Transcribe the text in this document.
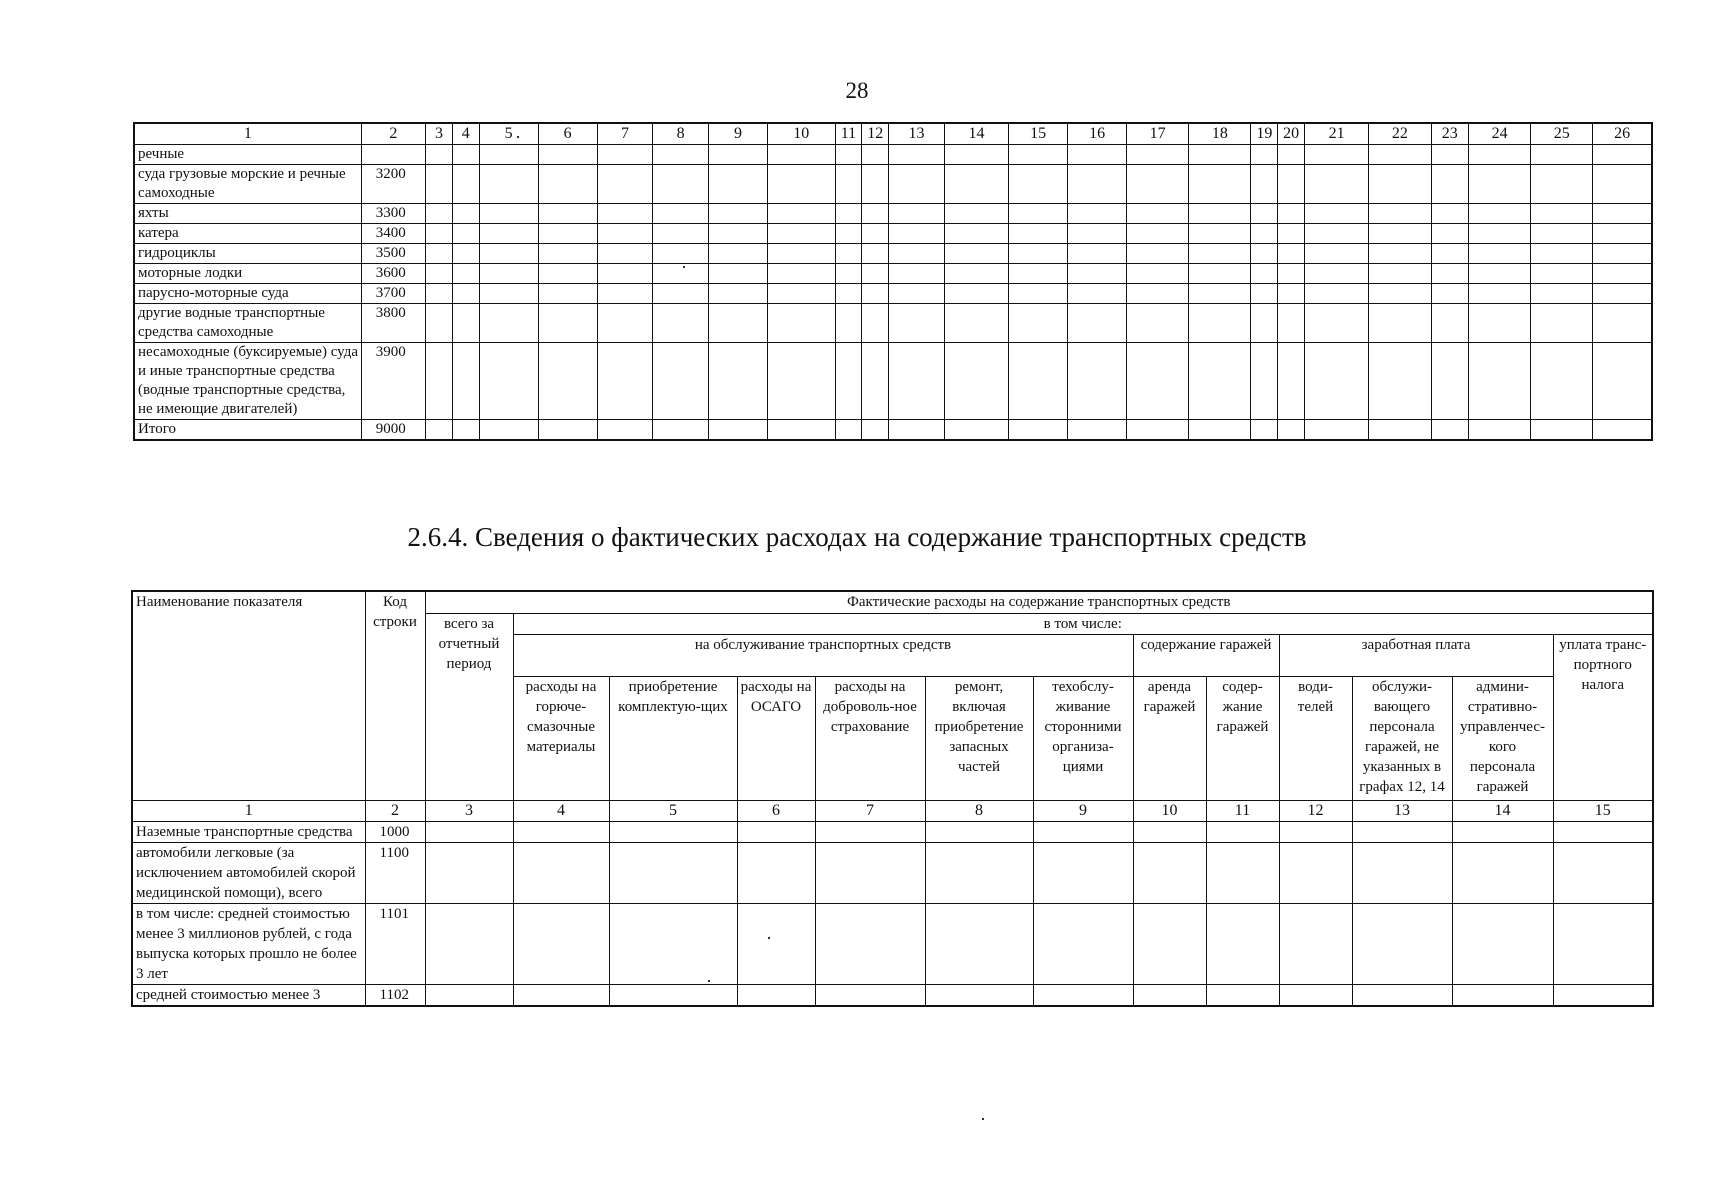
28
1	2	3	4	5	6	7	8	9	10	11	12	13	14	15	16	17	18	19	20	21	22	23	24	25	26
речные																									
суда грузовые морские и речные самоходные	3200																								
яхты	3300																								
катера	3400																								
гидроциклы	3500																								
моторные лодки	3600																								
парусно-моторные суда	3700																								
другие водные транспортные средства самоходные	3800																								
несамоходные (буксируемые) суда и иные транспортные средства (водные транспортные средства, не имеющие двигателей)	3900																								
Итого	9000																								
2.6.4. Сведения о фактических расходах на содержание транспортных средств
Наименование показателя	Код строки	Фактические расходы на содержание транспортных средств												
		всего за отчетный период	в том числе:											
			на обслуживание транспортных средств						содержание гаражей		заработная плата			уплата транс-портного налога
			расходы на горюче-смазочные материалы	приобретение комплектую-щих	расходы на ОСАГО	расходы на доброволь-ное страхование	ремонт, включая приобретение запасных частей	техобслу-живание сторонними организа-циями	аренда гаражей	содер-жание гаражей	води-телей	обслужи-вающего персонала гаражей, не указанных в графах 12, 14	админи-стративно-управленчес-кого персонала гаражей	
1	2	3	4	5	6	7	8	9	10	11	12	13	14	15
Наземные транспортные средства	1000													
автомобили легковые (за исключением автомобилей скорой медицинской помощи), всего	1100													
в том числе: средней стоимостью менее 3 миллионов рублей, с года выпуска которых прошло не более 3 лет	1101													
средней стоимостью менее 3	1102													
